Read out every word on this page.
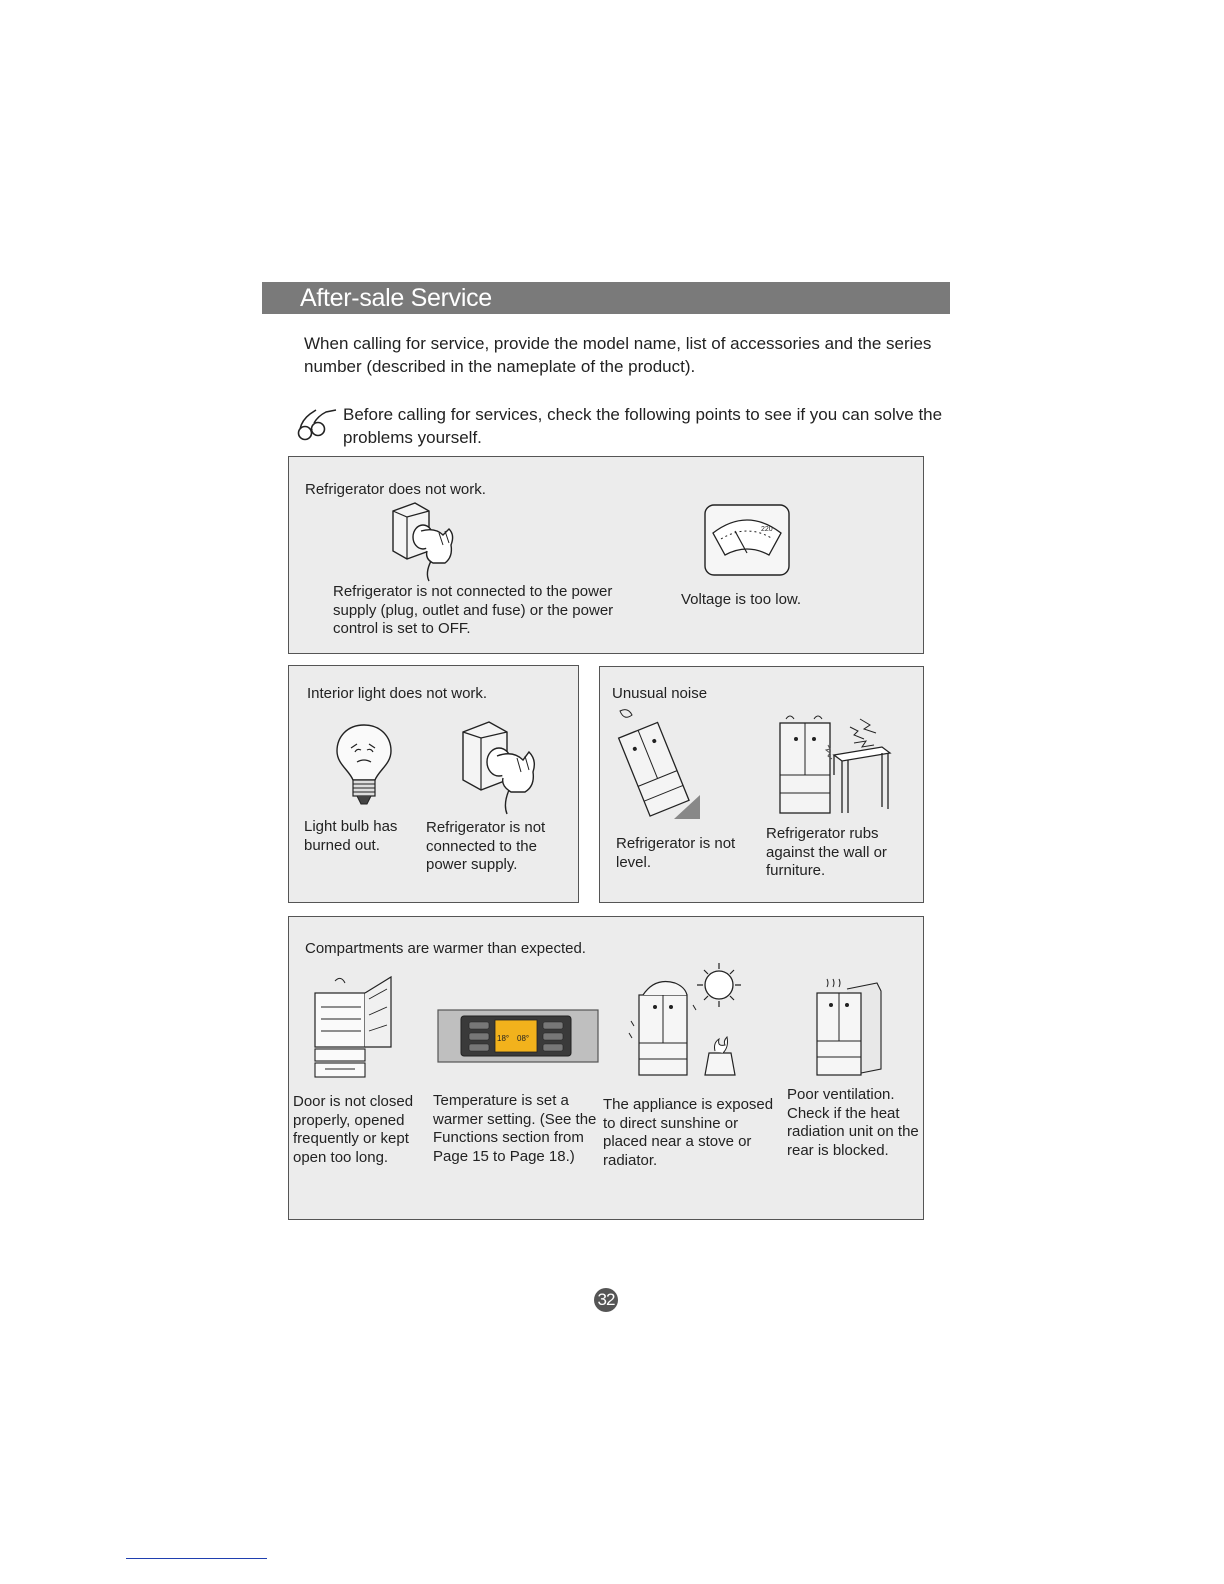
After-sale Service
When calling for service, provide the model name, list of accessories and the series number (described in the nameplate of the product).
Before calling for services, check the following points to see if you can solve the problems yourself.
Refrigerator does not work.
Refrigerator is not connected to the power supply (plug, outlet and fuse) or the power control is set to OFF.
220
Voltage is too low.
Interior light does not work.
Light bulb has burned out.
Refrigerator is not connected to the power supply.
Unusual noise
Refrigerator is not level.
Refrigerator rubs against the wall or furniture.
Compartments are warmer than expected.
18° 08°
Door is not closed properly, opened frequently or kept open too long.
Temperature is set a warmer setting. (See the Functions section from Page 15 to Page 18.)
The appliance is exposed to direct sunshine or placed near a stove or radiator.
Poor ventilation. Check if the heat radiation unit on the rear is blocked.
32
